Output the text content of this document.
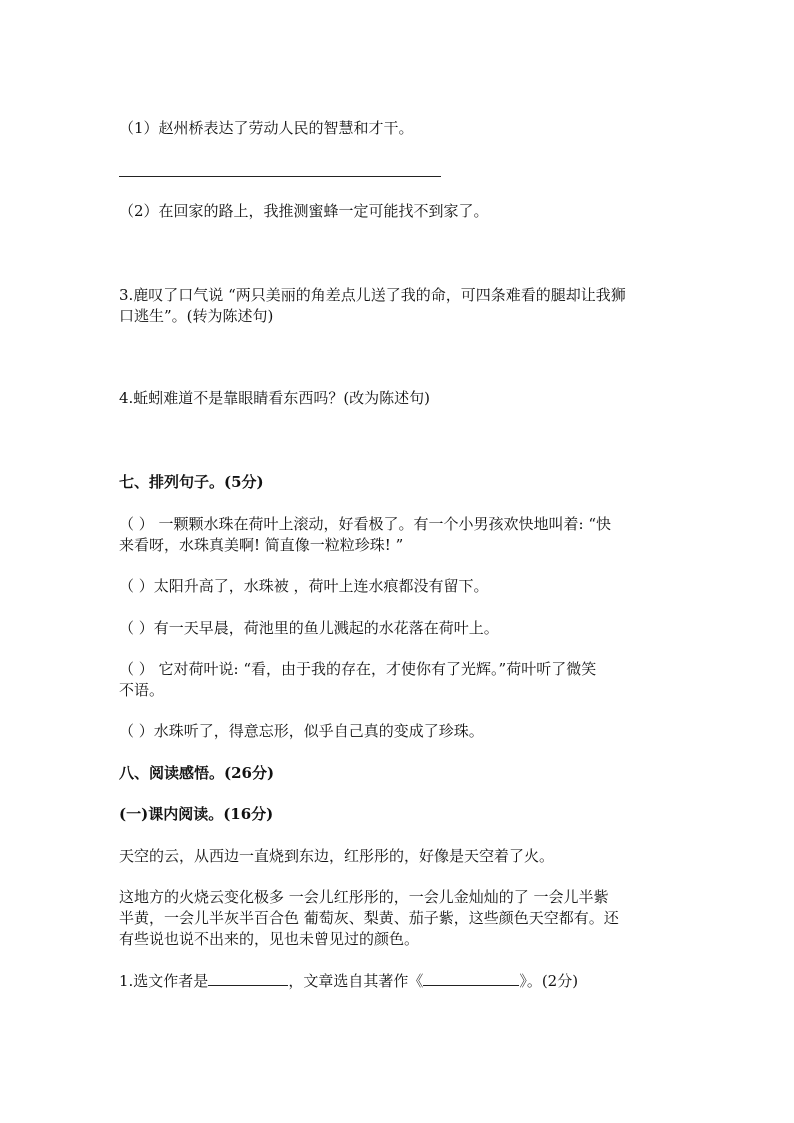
（1）赵州桥表达了劳动人民的智慧和才干。
（2）在回家的路上，我推测蜜蜂一定可能找不到家了。
3.鹿叹了口气说 “两只美丽的角差点儿送了我的命，可四条难看的腿却让我狮
口逃生”。(转为陈述句)
4.蚯蚓难道不是靠眼睛看东西吗？(改为陈述句)
七、排列句子。(5分)
（ ） 一颗颗水珠在荷叶上滚动，好看极了。有一个小男孩欢快地叫着: “快
来看呀，水珠真美啊! 简直像一粒粒珍珠! ”
（ ）太阳升高了，水珠被 ，荷叶上连水痕都没有留下。
（ ）有一天早晨，荷池里的鱼儿溅起的水花落在荷叶上。
（ ） 它对荷叶说: “看，由于我的存在，才使你有了光辉。”荷叶听了微笑
不语。
（ ）水珠听了，得意忘形，似乎自己真的变成了珍珠。
八、阅读感悟。(26分)
(一)课内阅读。(16分)
天空的云，从西边一直烧到东边，红彤彤的，好像是天空着了火。
这地方的火烧云变化极多 一会儿红彤彤的，一会儿金灿灿的了 一会儿半紫
半黄，一会儿半灰半百合色 葡萄灰、梨黄、茄子紫，这些颜色天空都有。还
有些说也说不出来的，见也未曾见过的颜色。
1.选文作者是	，文章选自其著作《	》。(2分)
